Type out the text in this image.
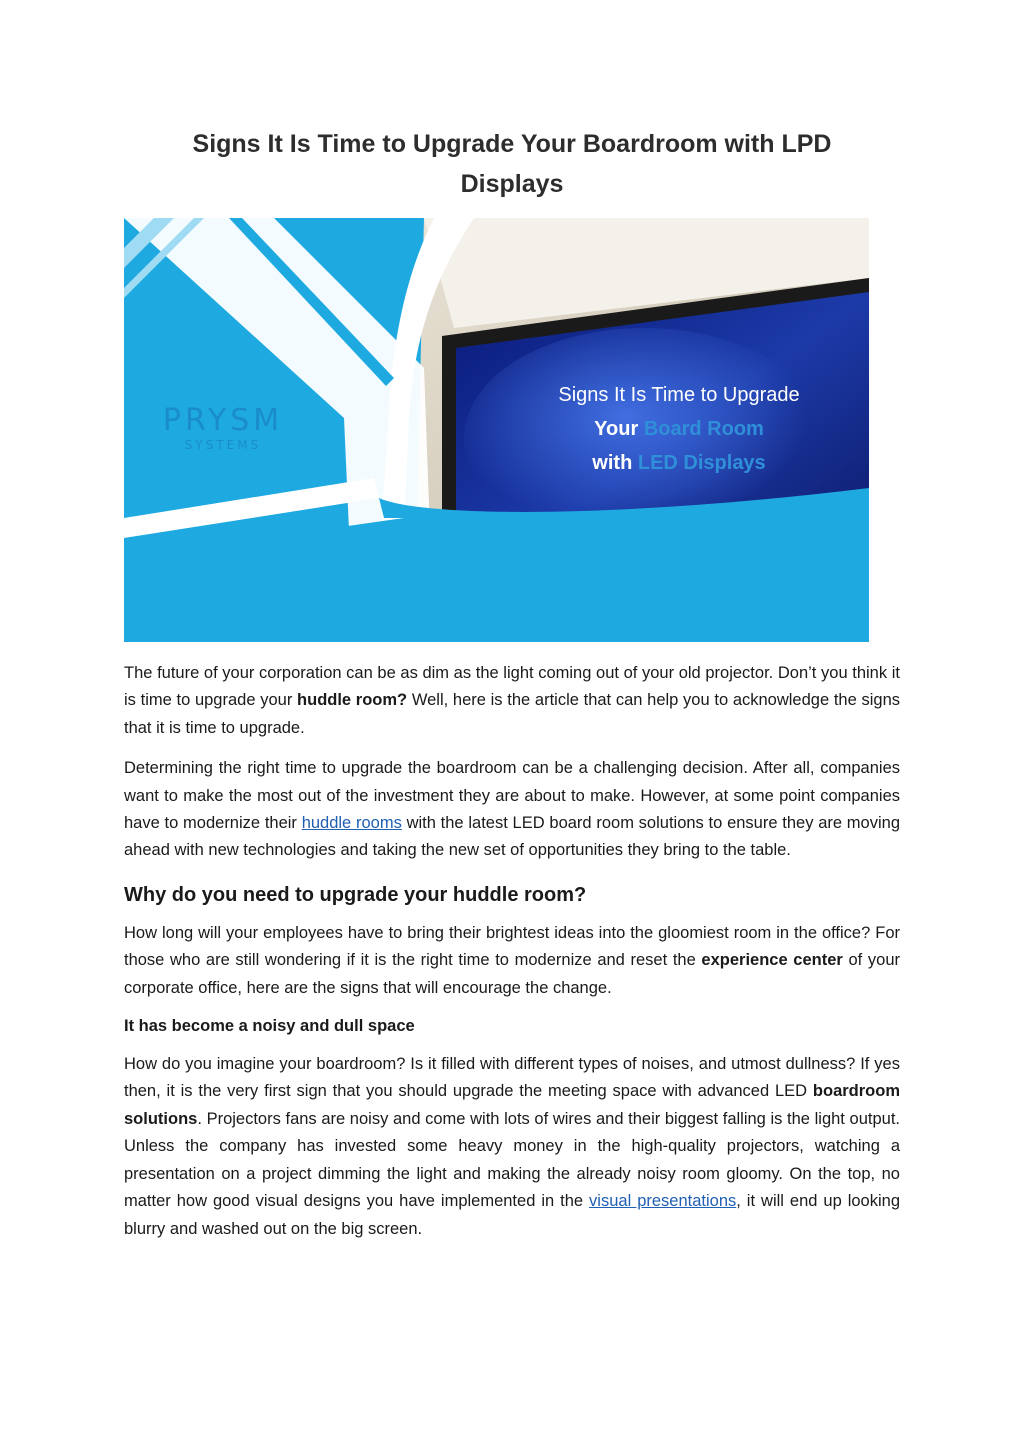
Signs It Is Time to Upgrade Your Boardroom with LPD Displays
PRYSM
SYSTEMS
Signs It Is Time to Upgrade
Your Board Room
with LED Displays

The future of your corporation can be as dim as the light coming out of your old projector. Don’t you think it is time to upgrade your huddle room? Well, here is the article that can help you to acknowledge the signs that it is time to upgrade.

Determining the right time to upgrade the boardroom can be a challenging decision. After all, companies want to make the most out of the investment they are about to make. However, at some point companies have to modernize their huddle rooms with the latest LED board room solutions to ensure they are moving ahead with new technologies and taking the new set of opportunities they bring to the table.

Why do you need to upgrade your huddle room?

How long will your employees have to bring their brightest ideas into the gloomiest room in the office? For those who are still wondering if it is the right time to modernize and reset the experience center of your corporate office, here are the signs that will encourage the change.

It has become a noisy and dull space

How do you imagine your boardroom? Is it filled with different types of noises, and utmost dullness? If yes then, it is the very first sign that you should upgrade the meeting space with advanced LED boardroom solutions. Projectors fans are noisy and come with lots of wires and their biggest falling is the light output. Unless the company has invested some heavy money in the high-quality projectors, watching a presentation on a project dimming the light and making the already noisy room gloomy. On the top, no matter how good visual designs you have implemented in the visual presentations, it will end up looking blurry and washed out on the big screen.
